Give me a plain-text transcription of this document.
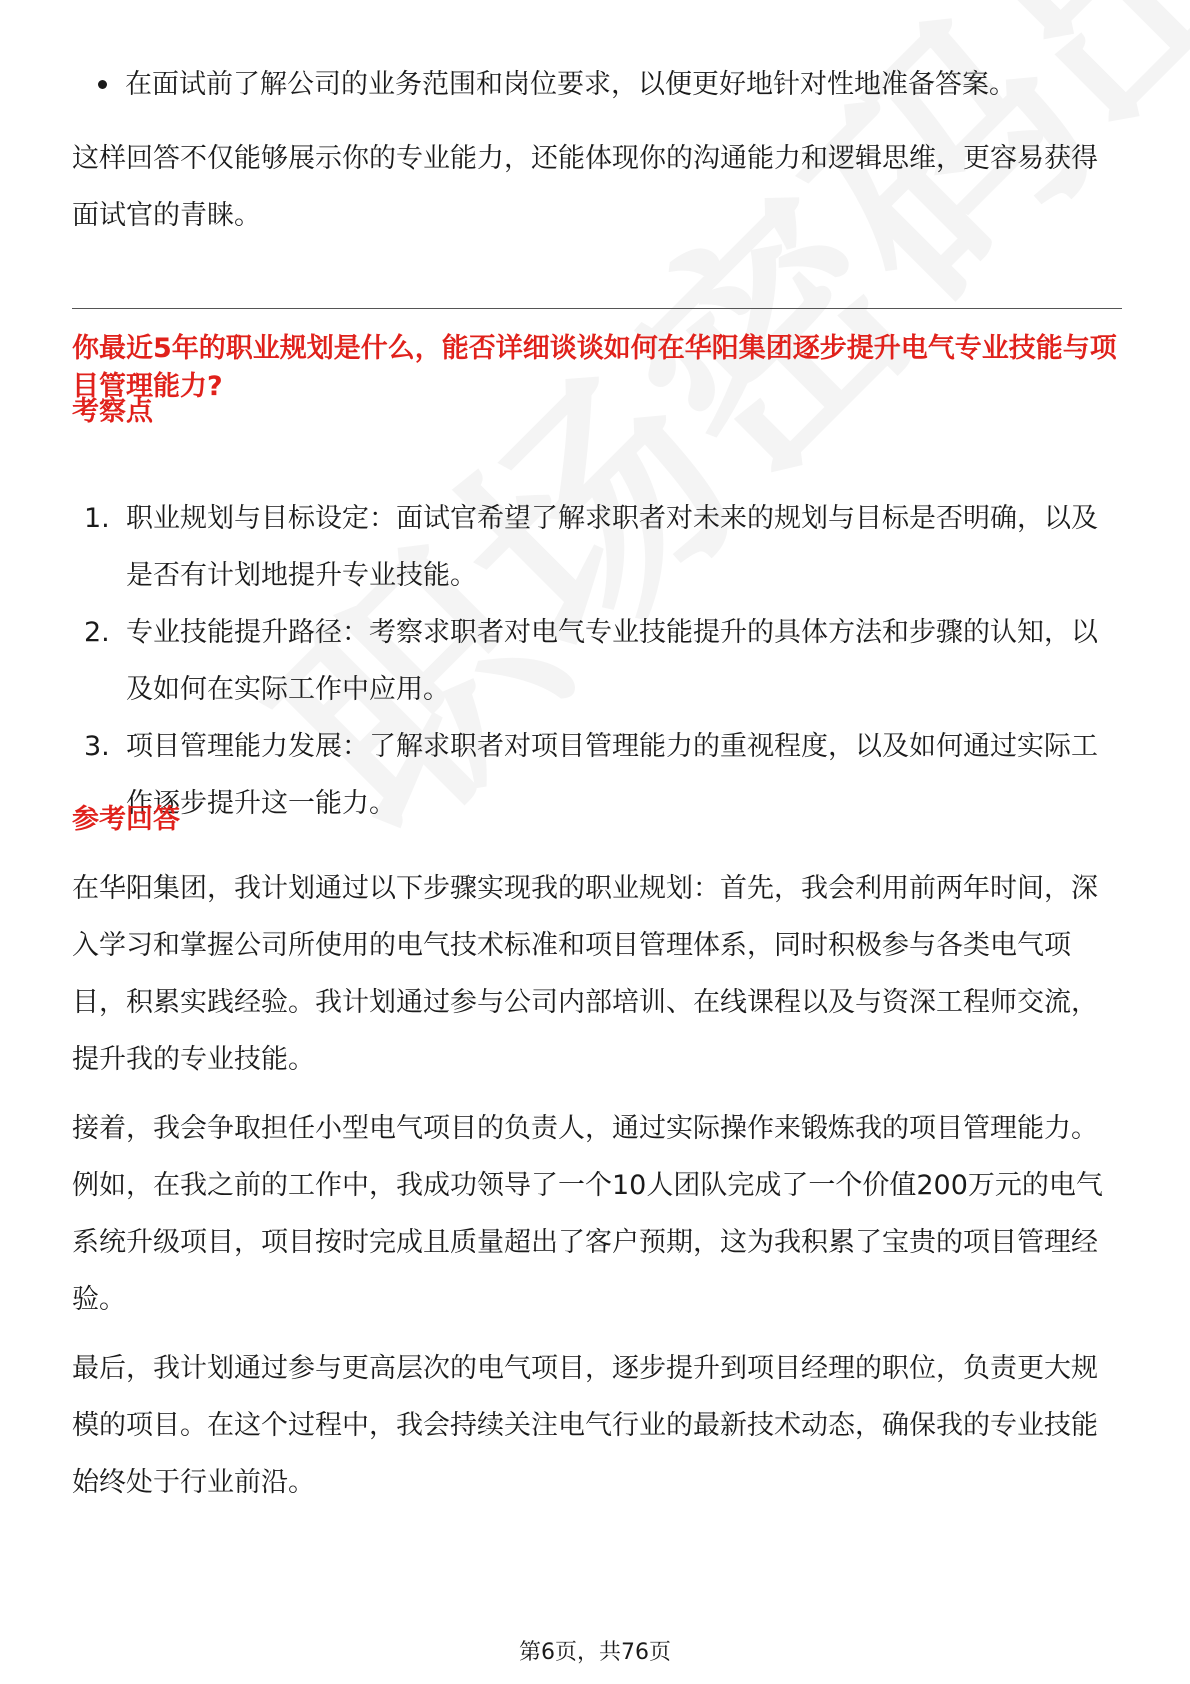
在面试前了解公司的业务范围和岗位要求，以便更好地针对性地准备答案。
这样回答不仅能够展示你的专业能力，还能体现你的沟通能力和逻辑思维，更容易获得面试官的青睐。
你最近5年的职业规划是什么，能否详细谈谈如何在华阳集团逐步提升电气专业技能与项目管理能力?
考察点
1. 职业规划与目标设定：面试官希望了解求职者对未来的规划与目标是否明确，以及是否有计划地提升专业技能。
2. 专业技能提升路径：考察求职者对电气专业技能提升的具体方法和步骤的认知，以及如何在实际工作中应用。
3. 项目管理能力发展：了解求职者对项目管理能力的重视程度，以及如何通过实际工作逐步提升这一能力。
参考回答
在华阳集团，我计划通过以下步骤实现我的职业规划：首先，我会利用前两年时间，深入学习和掌握公司所使用的电气技术标准和项目管理体系，同时积极参与各类电气项目，积累实践经验。我计划通过参与公司内部培训、在线课程以及与资深工程师交流，提升我的专业技能。
接着，我会争取担任小型电气项目的负责人，通过实际操作来锻炼我的项目管理能力。例如，在我之前的工作中，我成功领导了一个10人团队完成了一个价值200万元的电气系统升级项目，项目按时完成且质量超出了客户预期，这为我积累了宝贵的项目管理经验。
最后，我计划通过参与更高层次的电气项目，逐步提升到项目经理的职位，负责更大规模的项目。在这个过程中，我会持续关注电气行业的最新技术动态，确保我的专业技能始终处于行业前沿。
第6页，共76页
